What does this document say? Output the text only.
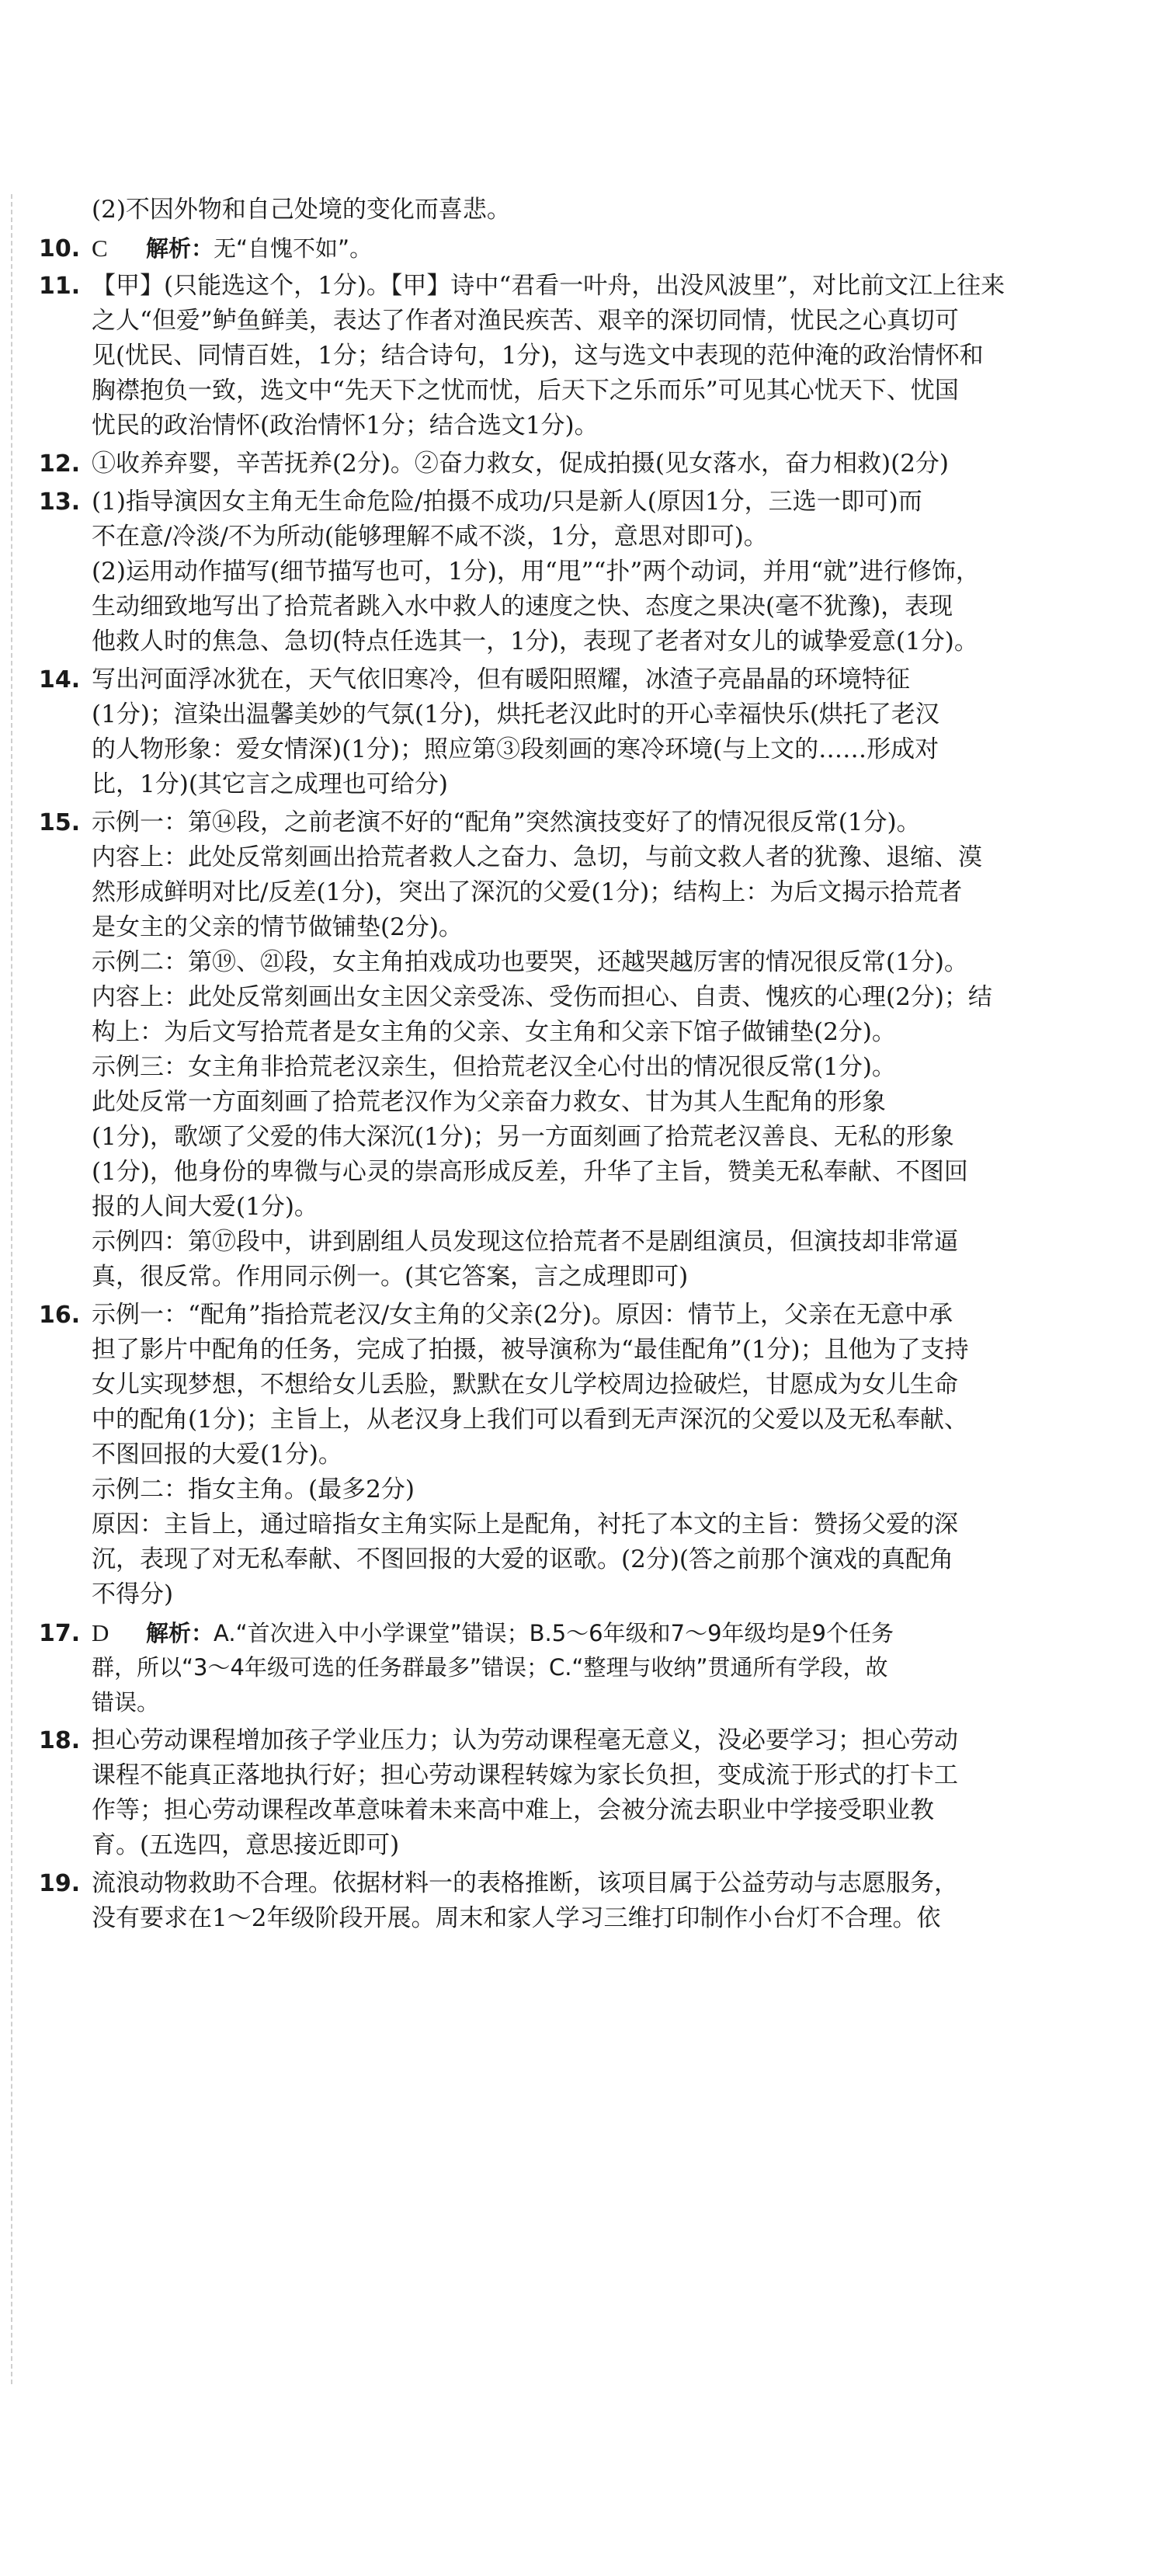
(2)不因外物和自己处境的变化而喜悲。
10. C 解析：无“自愧不如”。
11. 【甲】(只能选这个，1分)。【甲】诗中“君看一叶舟，出没风波里”，对比前文江上往来
之人“但爱”鲈鱼鲜美，表达了作者对渔民疾苦、艰辛的深切同情，忧民之心真切可
见(忧民、同情百姓，1分；结合诗句，1分)，这与选文中表现的范仲淹的政治情怀和
胸襟抱负一致，选文中“先天下之忧而忧，后天下之乐而乐”可见其心忧天下、忧国
忧民的政治情怀(政治情怀1分；结合选文1分)。
12. ①收养弃婴，辛苦抚养(2分)。②奋力救女，促成拍摄(见女落水，奋力相救)(2分)
13. (1)指导演因女主角无生命危险/拍摄不成功/只是新人(原因1分，三选一即可)而
不在意/冷淡/不为所动(能够理解不咸不淡，1分，意思对即可)。
(2)运用动作描写(细节描写也可，1分)，用“甩”“扑”两个动词，并用“就”进行修饰，
生动细致地写出了拾荒者跳入水中救人的速度之快、态度之果决(毫不犹豫)，表现
他救人时的焦急、急切(特点任选其一，1分)，表现了老者对女儿的诚挚爱意(1分)。
14. 写出河面浮冰犹在，天气依旧寒冷，但有暖阳照耀，冰渣子亮晶晶的环境特征
(1分)；渲染出温馨美妙的气氛(1分)，烘托老汉此时的开心幸福快乐(烘托了老汉
的人物形象：爱女情深)(1分)；照应第③段刻画的寒冷环境(与上文的……形成对
比，1分)(其它言之成理也可给分)
15. 示例一：第⑭段，之前老演不好的“配角”突然演技变好了的情况很反常(1分)。
内容上：此处反常刻画出拾荒者救人之奋力、急切，与前文救人者的犹豫、退缩、漠
然形成鲜明对比/反差(1分)，突出了深沉的父爱(1分)；结构上：为后文揭示拾荒者
是女主的父亲的情节做铺垫(2分)。
示例二：第⑲、㉑段，女主角拍戏成功也要哭，还越哭越厉害的情况很反常(1分)。
内容上：此处反常刻画出女主因父亲受冻、受伤而担心、自责、愧疚的心理(2分)；结
构上：为后文写拾荒者是女主角的父亲、女主角和父亲下馆子做铺垫(2分)。
示例三：女主角非拾荒老汉亲生，但拾荒老汉全心付出的情况很反常(1分)。
此处反常一方面刻画了拾荒老汉作为父亲奋力救女、甘为其人生配角的形象
(1分)，歌颂了父爱的伟大深沉(1分)；另一方面刻画了拾荒老汉善良、无私的形象
(1分)，他身份的卑微与心灵的崇高形成反差，升华了主旨，赞美无私奉献、不图回
报的人间大爱(1分)。
示例四：第⑰段中，讲到剧组人员发现这位拾荒者不是剧组演员，但演技却非常逼
真，很反常。作用同示例一。(其它答案，言之成理即可)
16. 示例一：“配角”指拾荒老汉/女主角的父亲(2分)。原因：情节上，父亲在无意中承
担了影片中配角的任务，完成了拍摄，被导演称为“最佳配角”(1分)；且他为了支持
女儿实现梦想，不想给女儿丢脸，默默在女儿学校周边捡破烂，甘愿成为女儿生命
中的配角(1分)；主旨上，从老汉身上我们可以看到无声深沉的父爱以及无私奉献、
不图回报的大爱(1分)。
示例二：指女主角。(最多2分)
原因：主旨上，通过暗指女主角实际上是配角，衬托了本文的主旨：赞扬父爱的深
沉，表现了对无私奉献、不图回报的大爱的讴歌。(2分)(答之前那个演戏的真配角
不得分)
17. D 解析：A.“首次进入中小学课堂”错误；B.5～6年级和7～9年级均是9个任务
群，所以“3～4年级可选的任务群最多”错误；C.“整理与收纳”贯通所有学段，故
错误。
18. 担心劳动课程增加孩子学业压力；认为劳动课程毫无意义，没必要学习；担心劳动
课程不能真正落地执行好；担心劳动课程转嫁为家长负担，变成流于形式的打卡工
作等；担心劳动课程改革意味着未来高中难上，会被分流去职业中学接受职业教
育。(五选四，意思接近即可)
19. 流浪动物救助不合理。依据材料一的表格推断，该项目属于公益劳动与志愿服务，
没有要求在1～2年级阶段开展。周末和家人学习三维打印制作小台灯不合理。依
